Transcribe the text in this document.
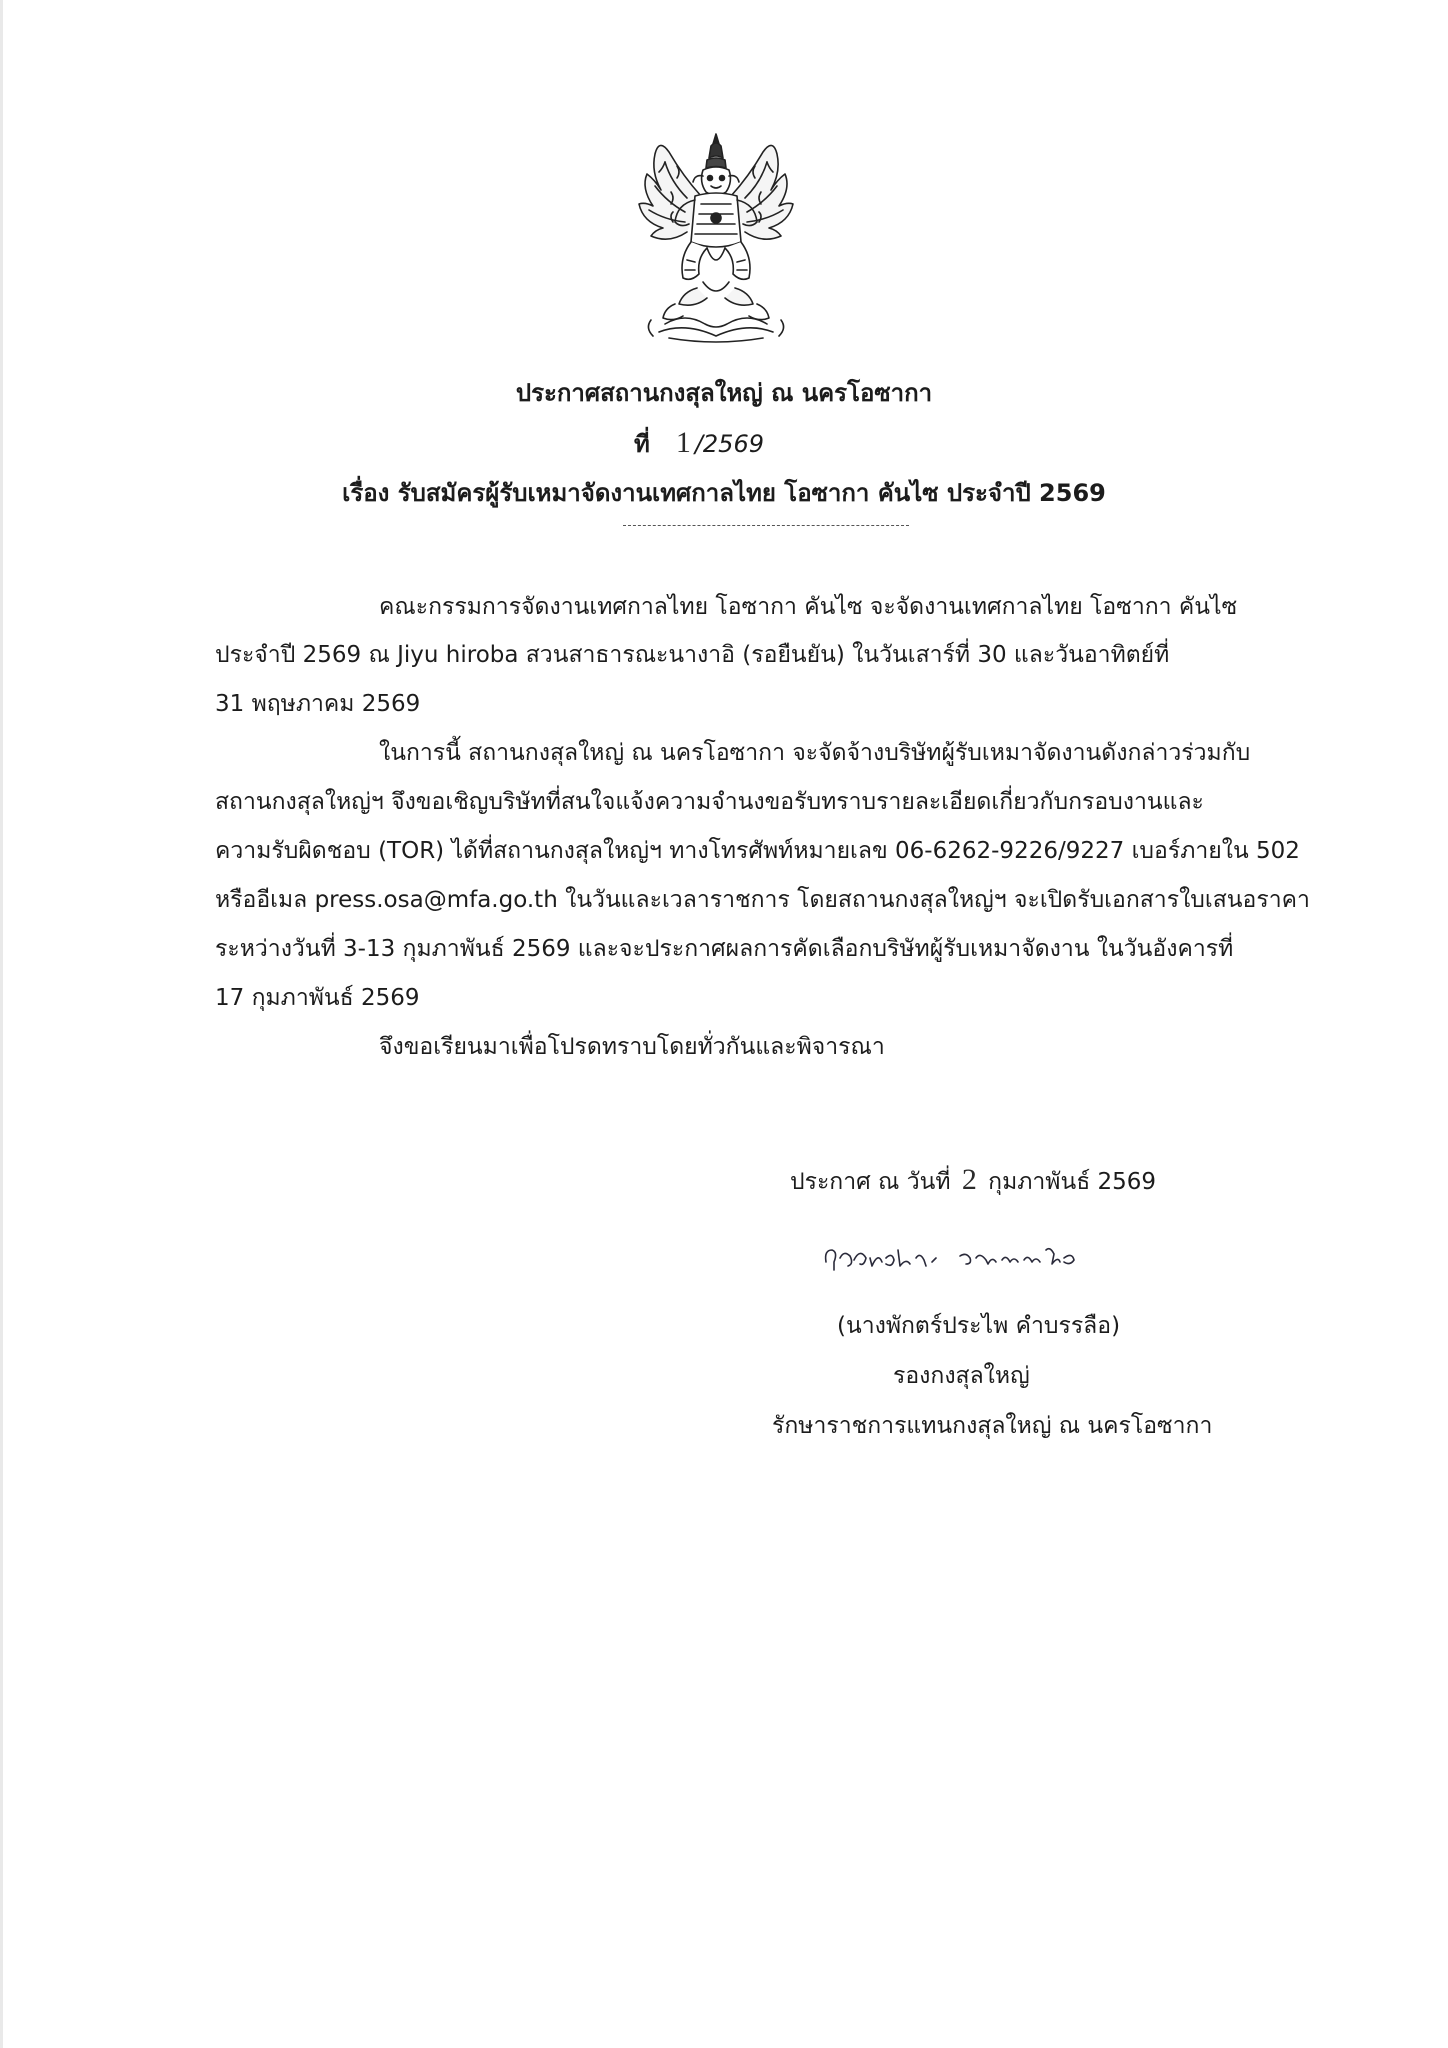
ประกาศสถานกงสุลใหญ่ ณ นครโอซากา
ที่ 1 /2569
เรื่อง รับสมัครผู้รับเหมาจัดงานเทศกาลไทย โอซากา คันไซ ประจำปี 2569
คณะกรรมการจัดงานเทศกาลไทย โอซากา คันไซ จะจัดงานเทศกาลไทย โอซากา คันไซ
ประจำปี 2569 ณ Jiyu hiroba สวนสาธารณะนางาอิ (รอยืนยัน) ในวันเสาร์ที่ 30 และวันอาทิตย์ที่
31 พฤษภาคม 2569
ในการนี้ สถานกงสุลใหญ่ ณ นครโอซากา จะจัดจ้างบริษัทผู้รับเหมาจัดงานดังกล่าวร่วมกับ
สถานกงสุลใหญ่ฯ จึงขอเชิญบริษัทที่สนใจแจ้งความจำนงขอรับทราบรายละเอียดเกี่ยวกับกรอบงานและ
ความรับผิดชอบ (TOR) ได้ที่สถานกงสุลใหญ่ฯ ทางโทรศัพท์หมายเลข 06-6262-9226/9227 เบอร์ภายใน 502
หรืออีเมล press.osa@mfa.go.th ในวันและเวลาราชการ โดยสถานกงสุลใหญ่ฯ จะเปิดรับเอกสารใบเสนอราคา
ระหว่างวันที่ 3-13 กุมภาพันธ์ 2569 และจะประกาศผลการคัดเลือกบริษัทผู้รับเหมาจัดงาน ในวันอังคารที่
17 กุมภาพันธ์ 2569
จึงขอเรียนมาเพื่อโปรดทราบโดยทั่วกันและพิจารณา
ประกาศ ณ วันที่ 2 กุมภาพันธ์ 2569
(นางพักตร์ประไพ คำบรรลือ)
รองกงสุลใหญ่
รักษาราชการแทนกงสุลใหญ่ ณ นครโอซากา
